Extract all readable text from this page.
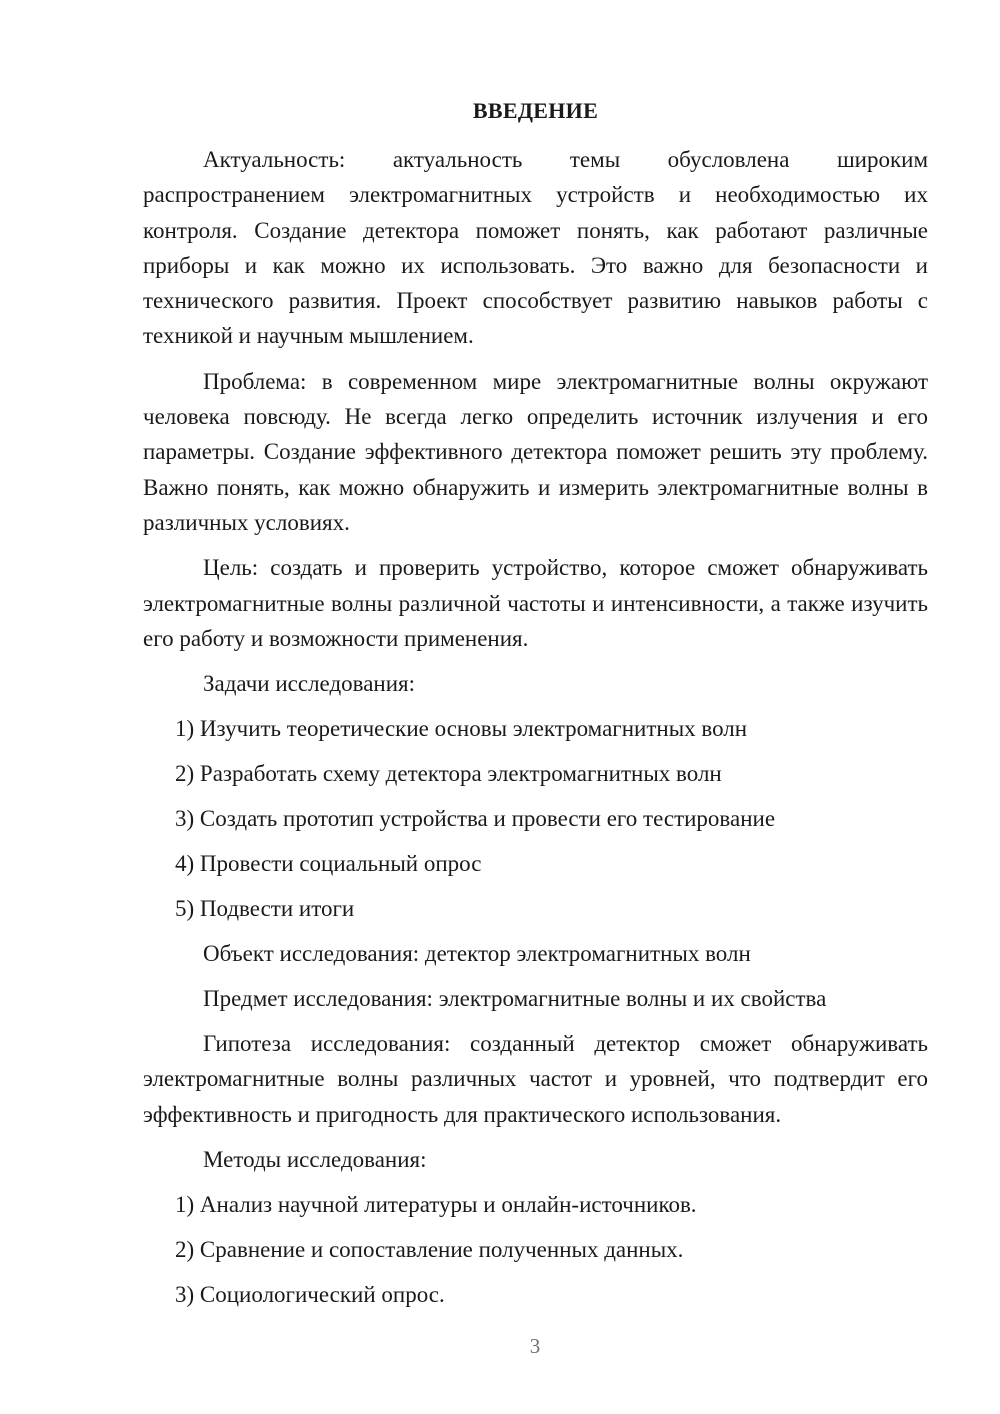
ВВЕДЕНИЕ

Актуальность: актуальность темы обусловлена широким распространением электромагнитных устройств и необходимостью их контроля. Создание детектора поможет понять, как работают различные приборы и как можно их использовать. Это важно для безопасности и технического развития. Проект способствует развитию навыков работы с техникой и научным мышлением.

Проблема: в современном мире электромагнитные волны окружают человека повсюду. Не всегда легко определить источник излучения и его параметры. Создание эффективного детектора поможет решить эту проблему. Важно понять, как можно обнаружить и измерить электромагнитные волны в различных условиях.

Цель: создать и проверить устройство, которое сможет обнаруживать электромагнитные волны различной частоты и интенсивности, а также изучить его работу и возможности применения.

Задачи исследования:

1) Изучить теоретические основы электромагнитных волн
2) Разработать схему детектора электромагнитных волн
3) Создать прототип устройства и провести его тестирование
4) Провести социальный опрос
5) Подвести итоги

Объект исследования: детектор электромагнитных волн

Предмет исследования: электромагнитные волны и их свойства

Гипотеза исследования: созданный детектор сможет обнаруживать электромагнитные волны различных частот и уровней, что подтвердит его эффективность и пригодность для практического использования.

Методы исследования:

1) Анализ научной литературы и онлайн-источников.
2) Сравнение и сопоставление полученных данных.
3) Социологический опрос.
3
